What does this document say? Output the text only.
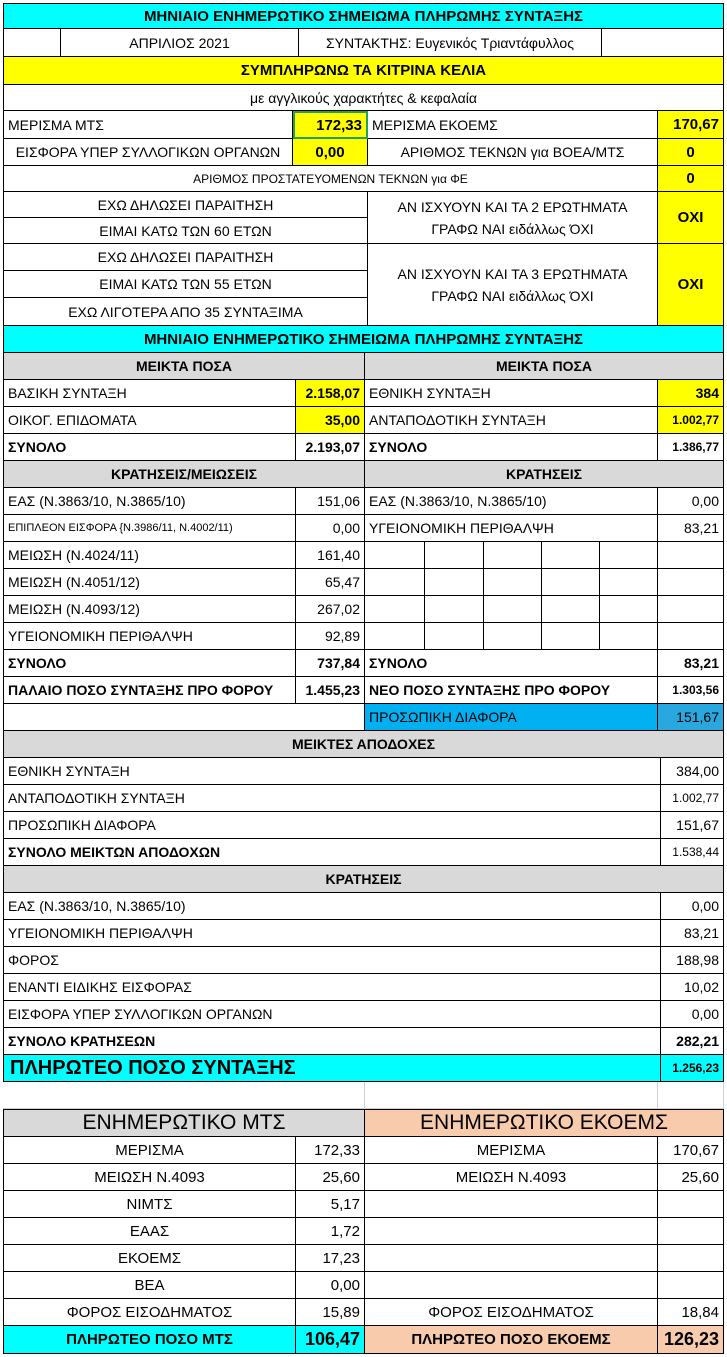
ΜΗΝΙΑΙΟ ΕΝΗΜΕΡΩΤΙΚΟ ΣΗΜΕΙΩΜΑ ΠΛΗΡΩΜΗΣ ΣΥΝΤΑΞΗΣ
ΑΠΡΙΛΙΟΣ 2021	ΣΥΝΤΑΚΤΗΣ: Ευγενικός Τριαντάφυλλος
ΣΥΜΠΛΗΡΩΝΩ ΤΑ ΚΙΤΡΙΝΑ ΚΕΛΙΑ
με αγγλικούς χαρακτήτες & κεφαλαία
ΜΕΡΙΣΜΑ ΜΤΣ	172,33 ΜΕΡΙΣΜΑ ΕΚΟΕΜΣ	170,67
ΕΙΣΦΟΡΑ ΥΠΕΡ ΣΥΛΛΟΓΙΚΩΝ ΟΡΓΑΝΩΝ	0,00	ΑΡΙΘΜΟΣ ΤΕΚΝΩΝ για ΒΟΕΑ/ΜΤΣ	0
ΑΡΙΘΜΟΣ ΠΡΟΣΤΑΤΕΥΟΜΕΝΩΝ ΤΕΚΝΩΝ για ΦΕ	0
ΕΧΩ ΔΗΛΩΣΕΙ ΠΑΡΑΙΤΗΣΗ
ΕΙΜΑΙ ΚΑΤΩ ΤΩΝ 60 ΕΤΩΝ
ΑΝ ΙΣΧΥΟΥΝ ΚΑΙ ΤΑ 2 ΕΡΩΤΗΜΑΤΑ
ΓΡΑΦΩ ΝΑΙ ειδάλλως ΌΧΙ
ΟΧΙ
ΕΧΩ ΔΗΛΩΣΕΙ ΠΑΡΑΙΤΗΣΗ
ΕΙΜΑΙ ΚΑΤΩ ΤΩΝ 55 ΕΤΩΝ
ΕΧΩ ΛΙΓΟΤΕΡΑ ΑΠΟ 35 ΣΥΝΤΑΞΙΜΑ
ΑΝ ΙΣΧΥΟΥΝ ΚΑΙ ΤΑ 3 ΕΡΩΤΗΜΑΤΑ
ΓΡΑΦΩ ΝΑΙ ειδάλλως ΌΧΙ
ΟΧΙ
ΜΗΝΙΑΙΟ ΕΝΗΜΕΡΩΤΙΚΟ ΣΗΜΕΙΩΜΑ ΠΛΗΡΩΜΗΣ ΣΥΝΤΑΞΗΣ
ΜΕΙΚΤΑ ΠΟΣΑ	ΜΕΙΚΤΑ ΠΟΣΑ
ΒΑΣΙΚΗ ΣΥΝΤΑΞΗ	2.158,07 ΕΘΝΙΚΗ ΣΥΝΤΑΞΗ	384
ΟΙΚΟΓ. ΕΠΙΔΟΜΑΤΑ	35,00 ΑΝΤΑΠΟΔΟΤΙΚΗ ΣΥΝΤΑΞΗ	1.002,77
ΣΥΝΟΛΟ	2.193,07 ΣΥΝΟΛΟ	1.386,77
ΚΡΑΤΗΣΕΙΣ/ΜΕΙΩΣΕΙΣ	ΚΡΑΤΗΣΕΙΣ
ΕΑΣ (Ν.3863/10, Ν.3865/10)	151,06 ΕΑΣ (Ν.3863/10, Ν.3865/10)	0,00
ΕΠΙΠΛΕΟΝ ΕΙΣΦΟΡΑ {Ν.3986/11, Ν.4002/11)	0,00 ΥΓΕΙΟΝΟΜΙΚΗ ΠΕΡΙΘΑΛΨΗ	83,21
ΜΕΙΩΣΗ (Ν.4024/11)	161,40
ΜΕΙΩΣΗ (Ν.4051/12)	65,47
ΜΕΙΩΣΗ (Ν.4093/12)	267,02
ΥΓΕΙΟΝΟΜΙΚΗ ΠΕΡΙΘΑΛΨΗ	92,89
ΣΥΝΟΛΟ	737,84 ΣΥΝΟΛΟ	83,21
ΠΑΛΑΙΟ ΠΟΣΟ ΣΥΝΤΑΞΗΣ ΠΡΟ ΦΟΡΟΥ	1.455,23 ΝΕΟ ΠΟΣΟ ΣΥΝΤΑΞΗΣ ΠΡΟ ΦΟΡΟΥ	1.303,56
ΠΡΟΣΩΠΙΚΗ ΔΙΑΦΟΡΑ	151,67
ΜΕΙΚΤΕΣ ΑΠΟΔΟΧΕΣ
ΕΘΝΙΚΗ ΣΥΝΤΑΞΗ	384,00
ΑΝΤΑΠΟΔΟΤΙΚΗ ΣΥΝΤΑΞΗ	1.002,77
ΠΡΟΣΩΠΙΚΗ ΔΙΑΦΟΡΑ	151,67
ΣΥΝΟΛΟ ΜΕΙΚΤΩΝ ΑΠΟΔΟΧΩΝ	1.538,44
ΚΡΑΤΗΣΕΙΣ
ΕΑΣ (Ν.3863/10, Ν.3865/10)	0,00
ΥΓΕΙΟΝΟΜΙΚΗ ΠΕΡΙΘΑΛΨΗ	83,21
ΦΟΡΟΣ	188,98
ΕΝΑΝΤΙ ΕΙΔΙΚΗΣ ΕΙΣΦΟΡΑΣ	10,02
ΕΙΣΦΟΡΑ ΥΠΕΡ ΣΥΛΛΟΓΙΚΩΝ ΟΡΓΑΝΩΝ	0,00
ΣΥΝΟΛΟ ΚΡΑΤΗΣΕΩΝ	282,21
ΠΛΗΡΩΤΕΟ ΠΟΣΟ ΣΥΝΤΑΞΗΣ	1.256,23
ΕΝΗΜΕΡΩΤΙΚΟ ΜΤΣ	ΕΝΗΜΕΡΩΤΙΚΟ ΕΚΟΕΜΣ
ΜΕΡΙΣΜΑ	172,33	ΜΕΡΙΣΜΑ	170,67
ΜΕΙΩΣΗ Ν.4093	25,60	ΜΕΙΩΣΗ Ν.4093	25,60
ΝΙΜΤΣ	5,17
ΕΑΑΣ	1,72
ΕΚΟΕΜΣ	17,23
ΒΕΑ	0,00
ΦΟΡΟΣ ΕΙΣΟΔΗΜΑΤΟΣ	15,89	ΦΟΡΟΣ ΕΙΣΟΔΗΜΑΤΟΣ	18,84
ΠΛΗΡΩΤΕΟ ΠΟΣΟ ΜΤΣ	106,47	ΠΛΗΡΩΤΕΟ ΠΟΣΟ ΕΚΟΕΜΣ	126,23
